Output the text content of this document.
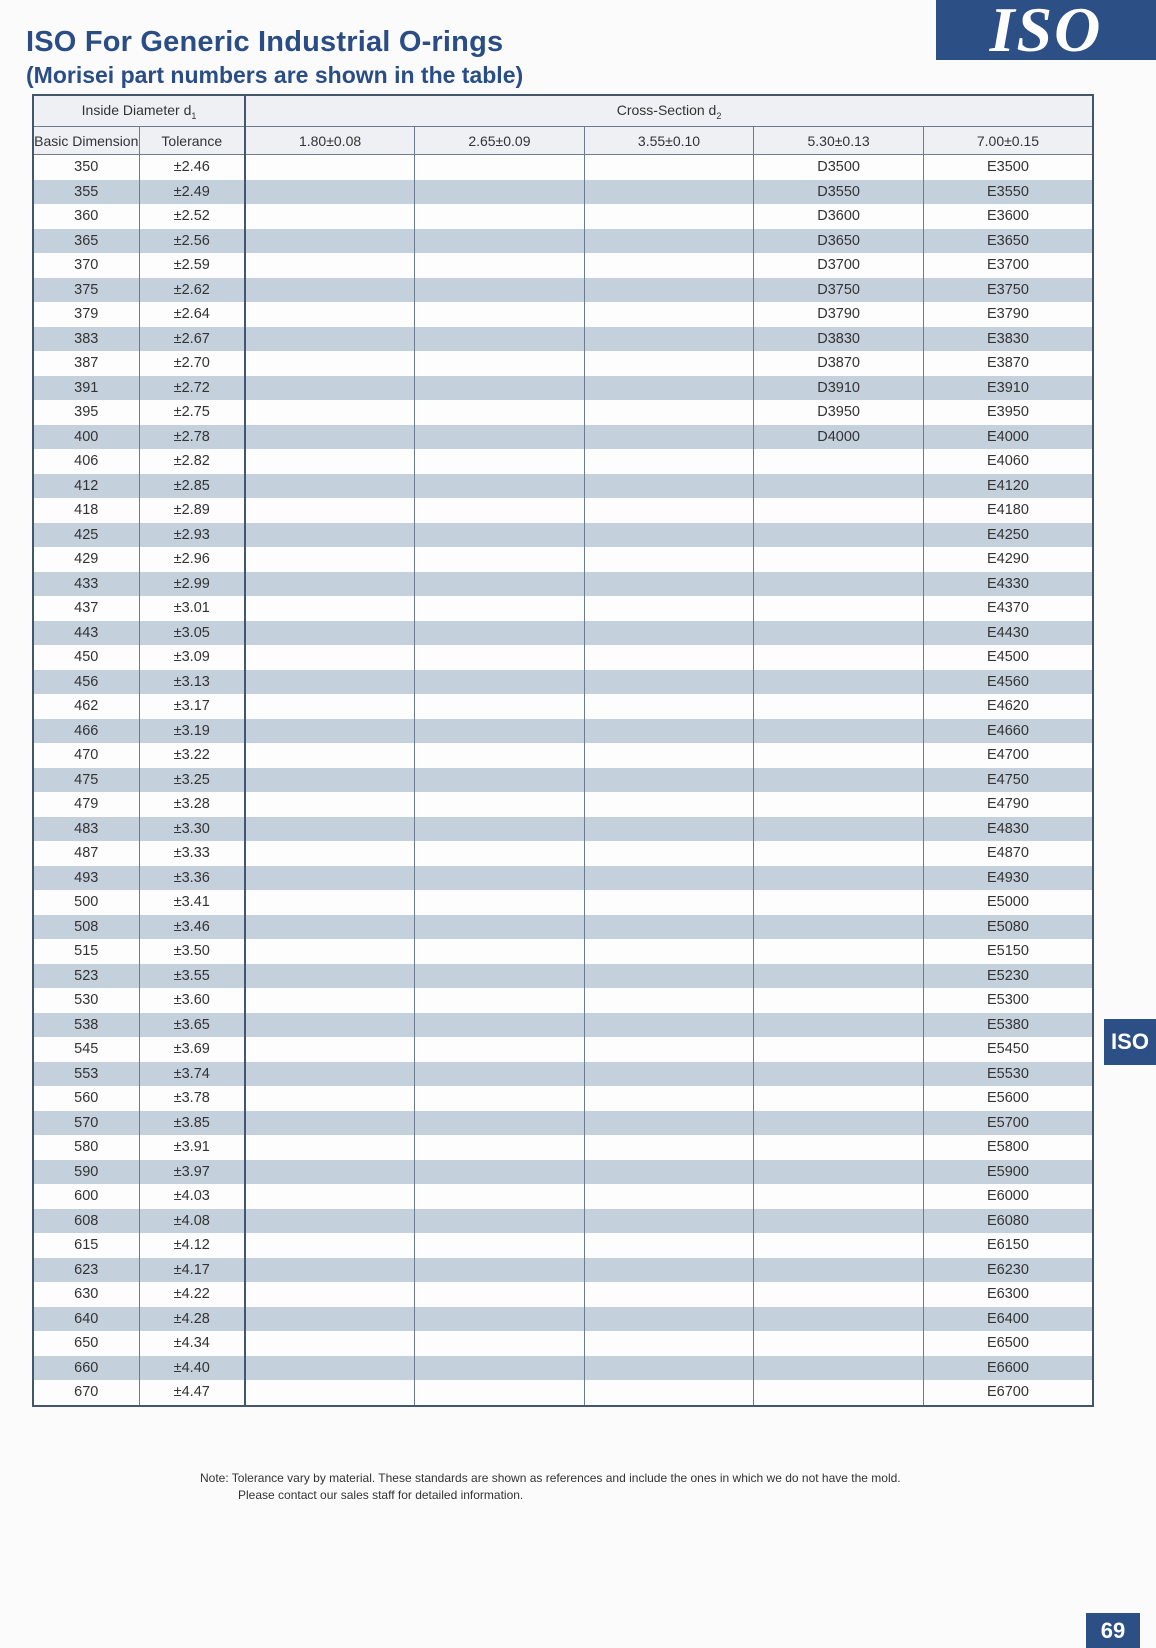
ISO For Generic Industrial O-rings
(Morisei part numbers are shown in the table)
ISO
Inside Diameter $d_1$		Cross-Section $d_2$
Basic Dimension	Tolerance	1.80±0.08	2.65±0.09	3.55±0.10	5.30±0.13	7.00±0.15
350	±2.46				D3500	E3500
355	±2.49				D3550	E3550
360	±2.52				D3600	E3600
365	±2.56				D3650	E3650
370	±2.59				D3700	E3700
375	±2.62				D3750	E3750
379	±2.64				D3790	E3790
383	±2.67				D3830	E3830
387	±2.70				D3870	E3870
391	±2.72				D3910	E3910
395	±2.75				D3950	E3950
400	±2.78				D4000	E4000
406	±2.82					E4060
412	±2.85					E4120
418	±2.89					E4180
425	±2.93					E4250
429	±2.96					E4290
433	±2.99					E4330
437	±3.01					E4370
443	±3.05					E4430
450	±3.09					E4500
456	±3.13					E4560
462	±3.17					E4620
466	±3.19					E4660
470	±3.22					E4700
475	±3.25					E4750
479	±3.28					E4790
483	±3.30					E4830
487	±3.33					E4870
493	±3.36					E4930
500	±3.41					E5000
508	±3.46					E5080
515	±3.50					E5150
523	±3.55					E5230
530	±3.60					E5300
538	±3.65					E5380
545	±3.69					E5450
553	±3.74					E5530
560	±3.78					E5600
570	±3.85					E5700
580	±3.91					E5800
590	±3.97					E5900
600	±4.03					E6000
608	±4.08					E6080
615	±4.12					E6150
623	±4.17					E6230
630	±4.22					E6300
640	±4.28					E6400
650	±4.34					E6500
660	±4.40					E6600
670	±4.47					E6700
Note: Tolerance vary by material. These standards are shown as references and include the ones in which we do not have the mold.
Please contact our sales staff for detailed information.
ISO
69
